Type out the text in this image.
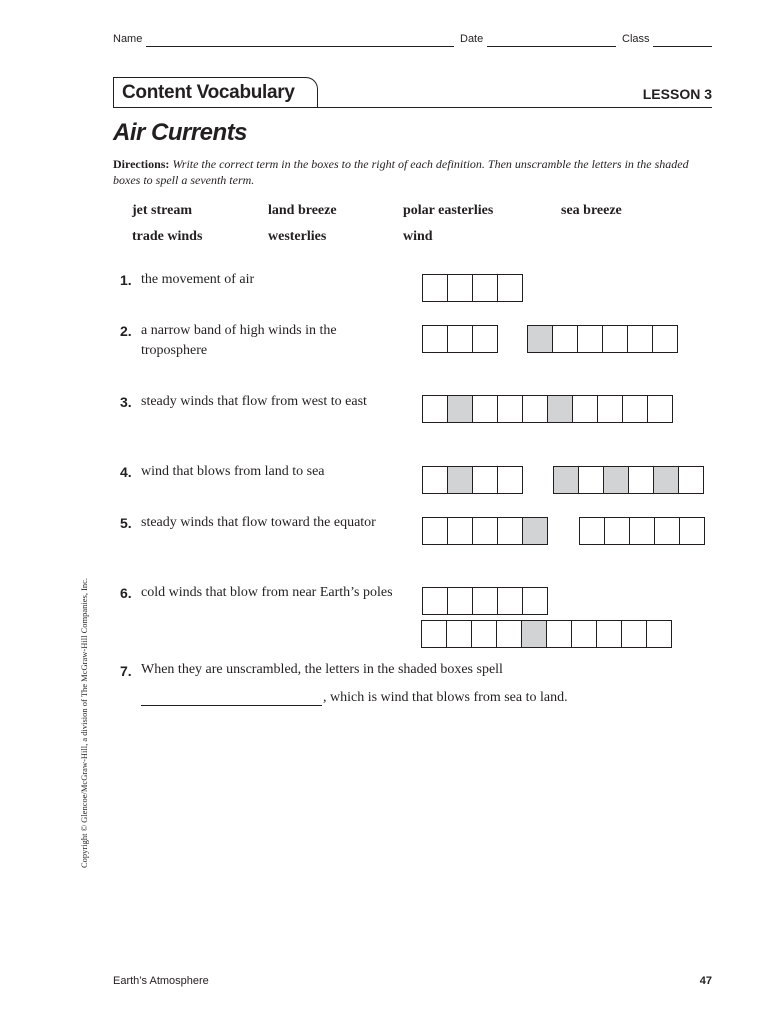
Name	Date	Class
Content Vocabulary	LESSON 3
Air Currents
Directions: Write the correct term in the boxes to the right of each definition. Then unscramble the letters in the shaded boxes to spell a seventh term.
jet stream	land breeze	polar easterlies	sea breeze
trade winds	westerlies	wind
1. the movement of air
2. a narrow band of high winds in the troposphere
3. steady winds that flow from west to east
4. wind that blows from land to sea
5. steady winds that flow toward the equator
6. cold winds that blow from near Earth’s poles
7. When they are unscrambled, the letters in the shaded boxes spell
, which is wind that blows from sea to land.
Copyright © Glencoe/McGraw-Hill, a division of The McGraw-Hill Companies, Inc.
Earth’s Atmosphere	47
